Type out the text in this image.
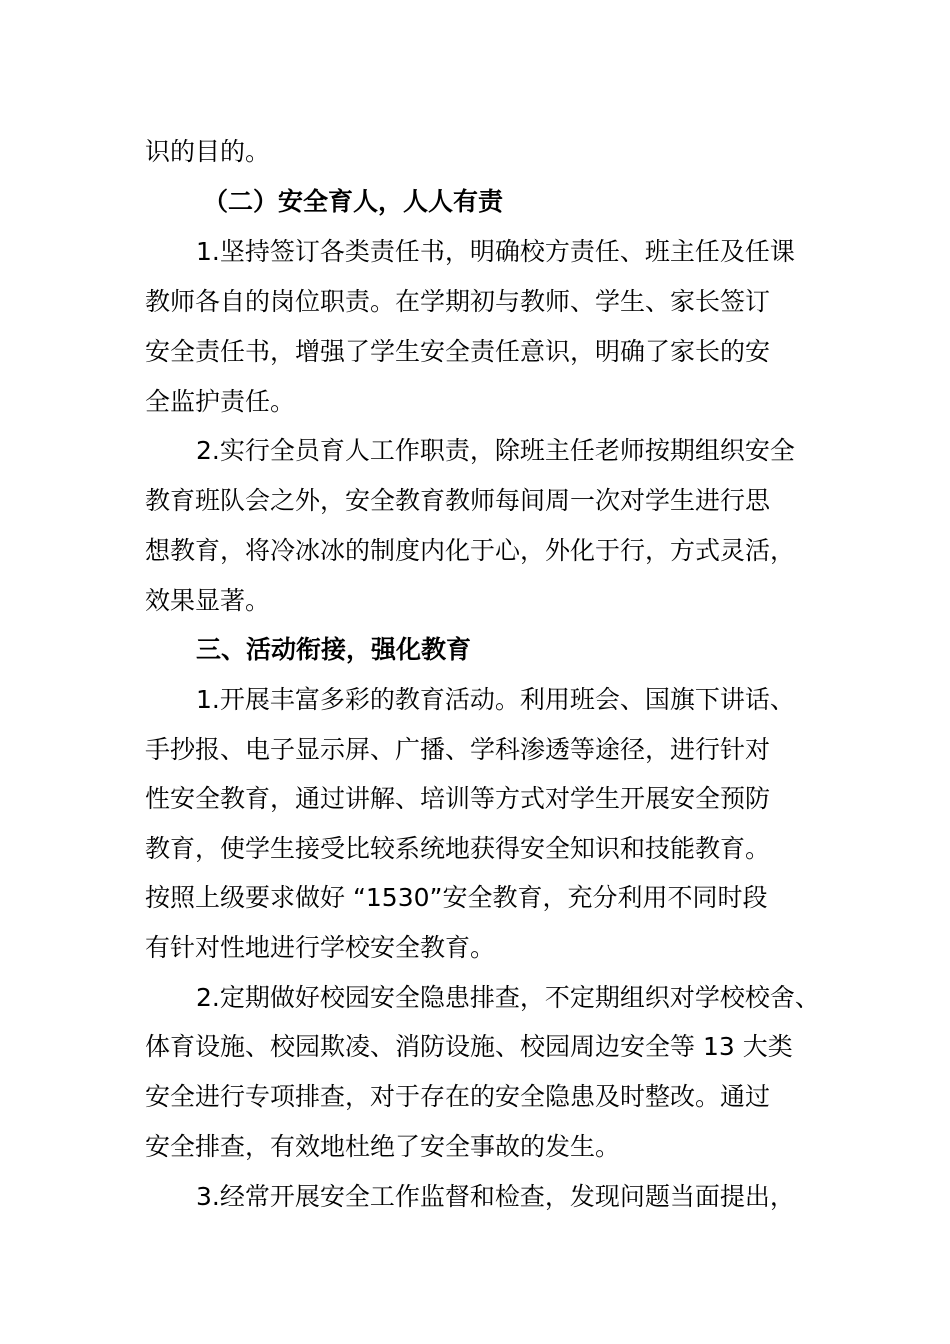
识的目的。
（二）安全育人，人人有责
1.坚持签订各类责任书，明确校方责任、班主任及任课
教师各自的岗位职责。在学期初与教师、学生、家长签订
安全责任书，增强了学生安全责任意识，明确了家长的安
全监护责任。
2.实行全员育人工作职责，除班主任老师按期组织安全
教育班队会之外，安全教育教师每间周一次对学生进行思
想教育，将冷冰冰的制度内化于心，外化于行，方式灵活，
效果显著。
三、活动衔接，强化教育
1.开展丰富多彩的教育活动。利用班会、国旗下讲话、
手抄报、电子显示屏、广播、学科渗透等途径，进行针对
性安全教育，通过讲解、培训等方式对学生开展安全预防
教育，使学生接受比较系统地获得安全知识和技能教育。
按照上级要求做好 “1530”安全教育，充分利用不同时段
有针对性地进行学校安全教育。
2.定期做好校园安全隐患排查，不定期组织对学校校舍、
体育设施、校园欺凌、消防设施、校园周边安全等 13 大类
安全进行专项排查，对于存在的安全隐患及时整改。通过
安全排查，有效地杜绝了安全事故的发生。
3.经常开展安全工作监督和检查，发现问题当面提出，
